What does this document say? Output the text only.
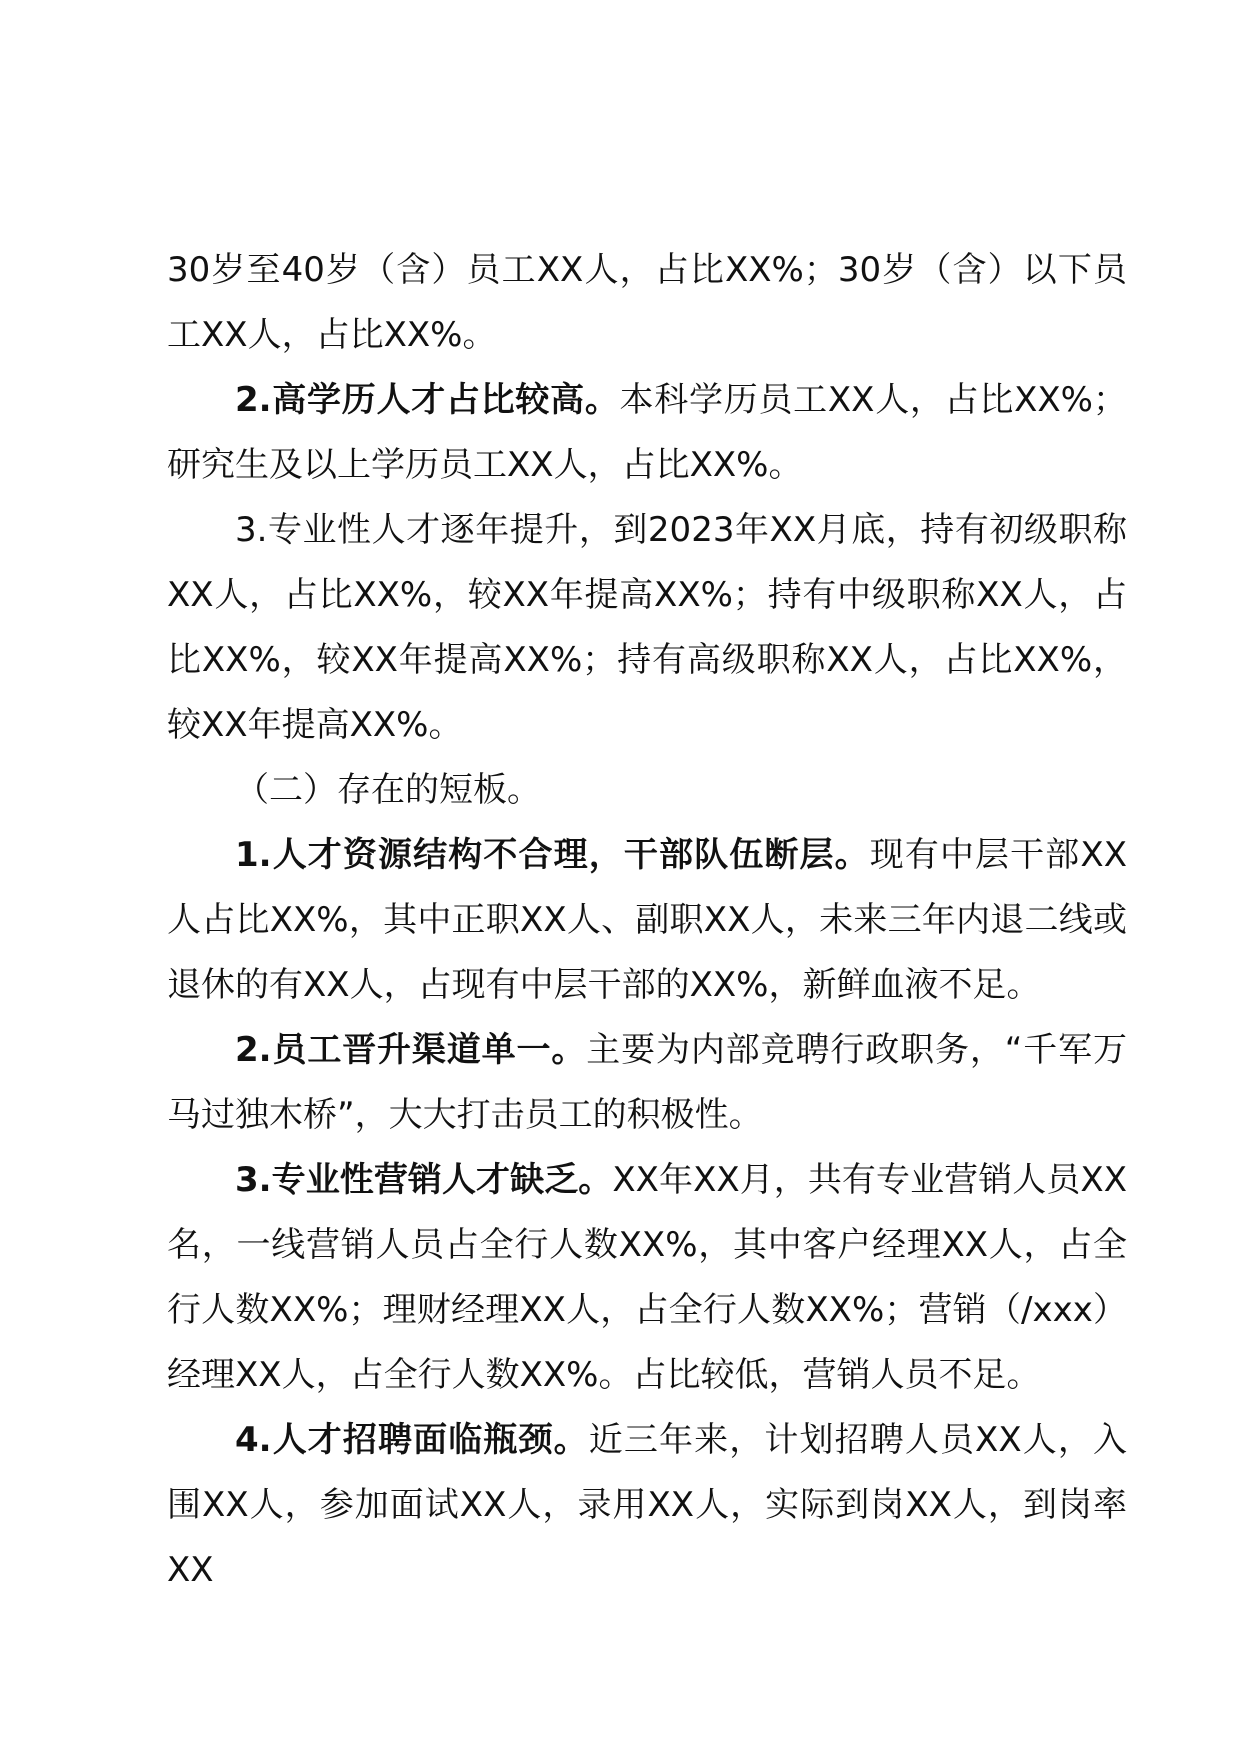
30岁至40岁（含）员工XX人，占比XX%；30岁（含）以下员工XX人，占比XX%。

2.高学历人才占比较高。本科学历员工XX人，占比XX%；研究生及以上学历员工XX人，占比XX%。

3.专业性人才逐年提升，到2023年XX月底，持有初级职称XX人，占比XX%，较XX年提高XX%；持有中级职称XX人，占比XX%，较XX年提高XX%；持有高级职称XX人，占比XX%，较XX年提高XX%。

（二）存在的短板。

1.人才资源结构不合理，干部队伍断层。现有中层干部XX人占比XX%，其中正职XX人、副职XX人，未来三年内退二线或退休的有XX人，占现有中层干部的XX%，新鲜血液不足。

2.员工晋升渠道单一。主要为内部竞聘行政职务，“千军万马过独木桥”，大大打击员工的积极性。

3.专业性营销人才缺乏。XX年XX月，共有专业营销人员XX名，一线营销人员占全行人数XX%，其中客户经理XX人，占全行人数XX%；理财经理XX人，占全行人数XX%；营销（/xxx）经理XX人，占全行人数XX%。占比较低，营销人员不足。

4.人才招聘面临瓶颈。近三年来，计划招聘人员XX人，入围XX人，参加面试XX人，录用XX人，实际到岗XX人，到岗率XX
